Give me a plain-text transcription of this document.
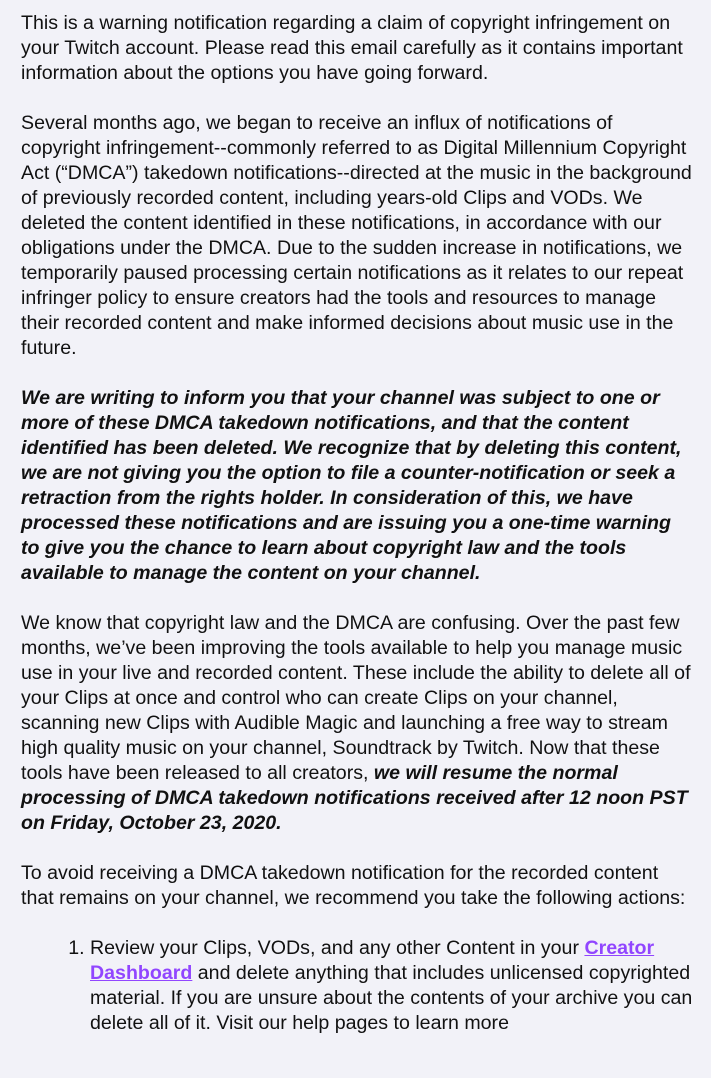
This is a warning notification regarding a claim of copyright infringement on your Twitch account. Please read this email carefully as it contains important information about the options you have going forward.

Several months ago, we began to receive an influx of notifications of copyright infringement--commonly referred to as Digital Millennium Copyright Act (“DMCA”) takedown notifications--directed at the music in the background of previously recorded content, including years-old Clips and VODs. We deleted the content identified in these notifications, in accordance with our obligations under the DMCA. Due to the sudden increase in notifications, we temporarily paused processing certain notifications as it relates to our repeat infringer policy to ensure creators had the tools and resources to manage their recorded content and make informed decisions about music use in the future.

We are writing to inform you that your channel was subject to one or more of these DMCA takedown notifications, and that the content identified has been deleted. We recognize that by deleting this content, we are not giving you the option to file a counter-notification or seek a retraction from the rights holder. In consideration of this, we have processed these notifications and are issuing you a one-time warning to give you the chance to learn about copyright law and the tools available to manage the content on your channel.

We know that copyright law and the DMCA are confusing. Over the past few months, we’ve been improving the tools available to help you manage music use in your live and recorded content. These include the ability to delete all of your Clips at once and control who can create Clips on your channel, scanning new Clips with Audible Magic and launching a free way to stream high quality music on your channel, Soundtrack by Twitch. Now that these tools have been released to all creators, we will resume the normal processing of DMCA takedown notifications received after 12 noon PST on Friday, October 23, 2020.

To avoid receiving a DMCA takedown notification for the recorded content that remains on your channel, we recommend you take the following actions:

1. Review your Clips, VODs, and any other Content in your Creator Dashboard and delete anything that includes unlicensed copyrighted material. If you are unsure about the contents of your archive you can delete all of it. Visit our help pages to learn more
